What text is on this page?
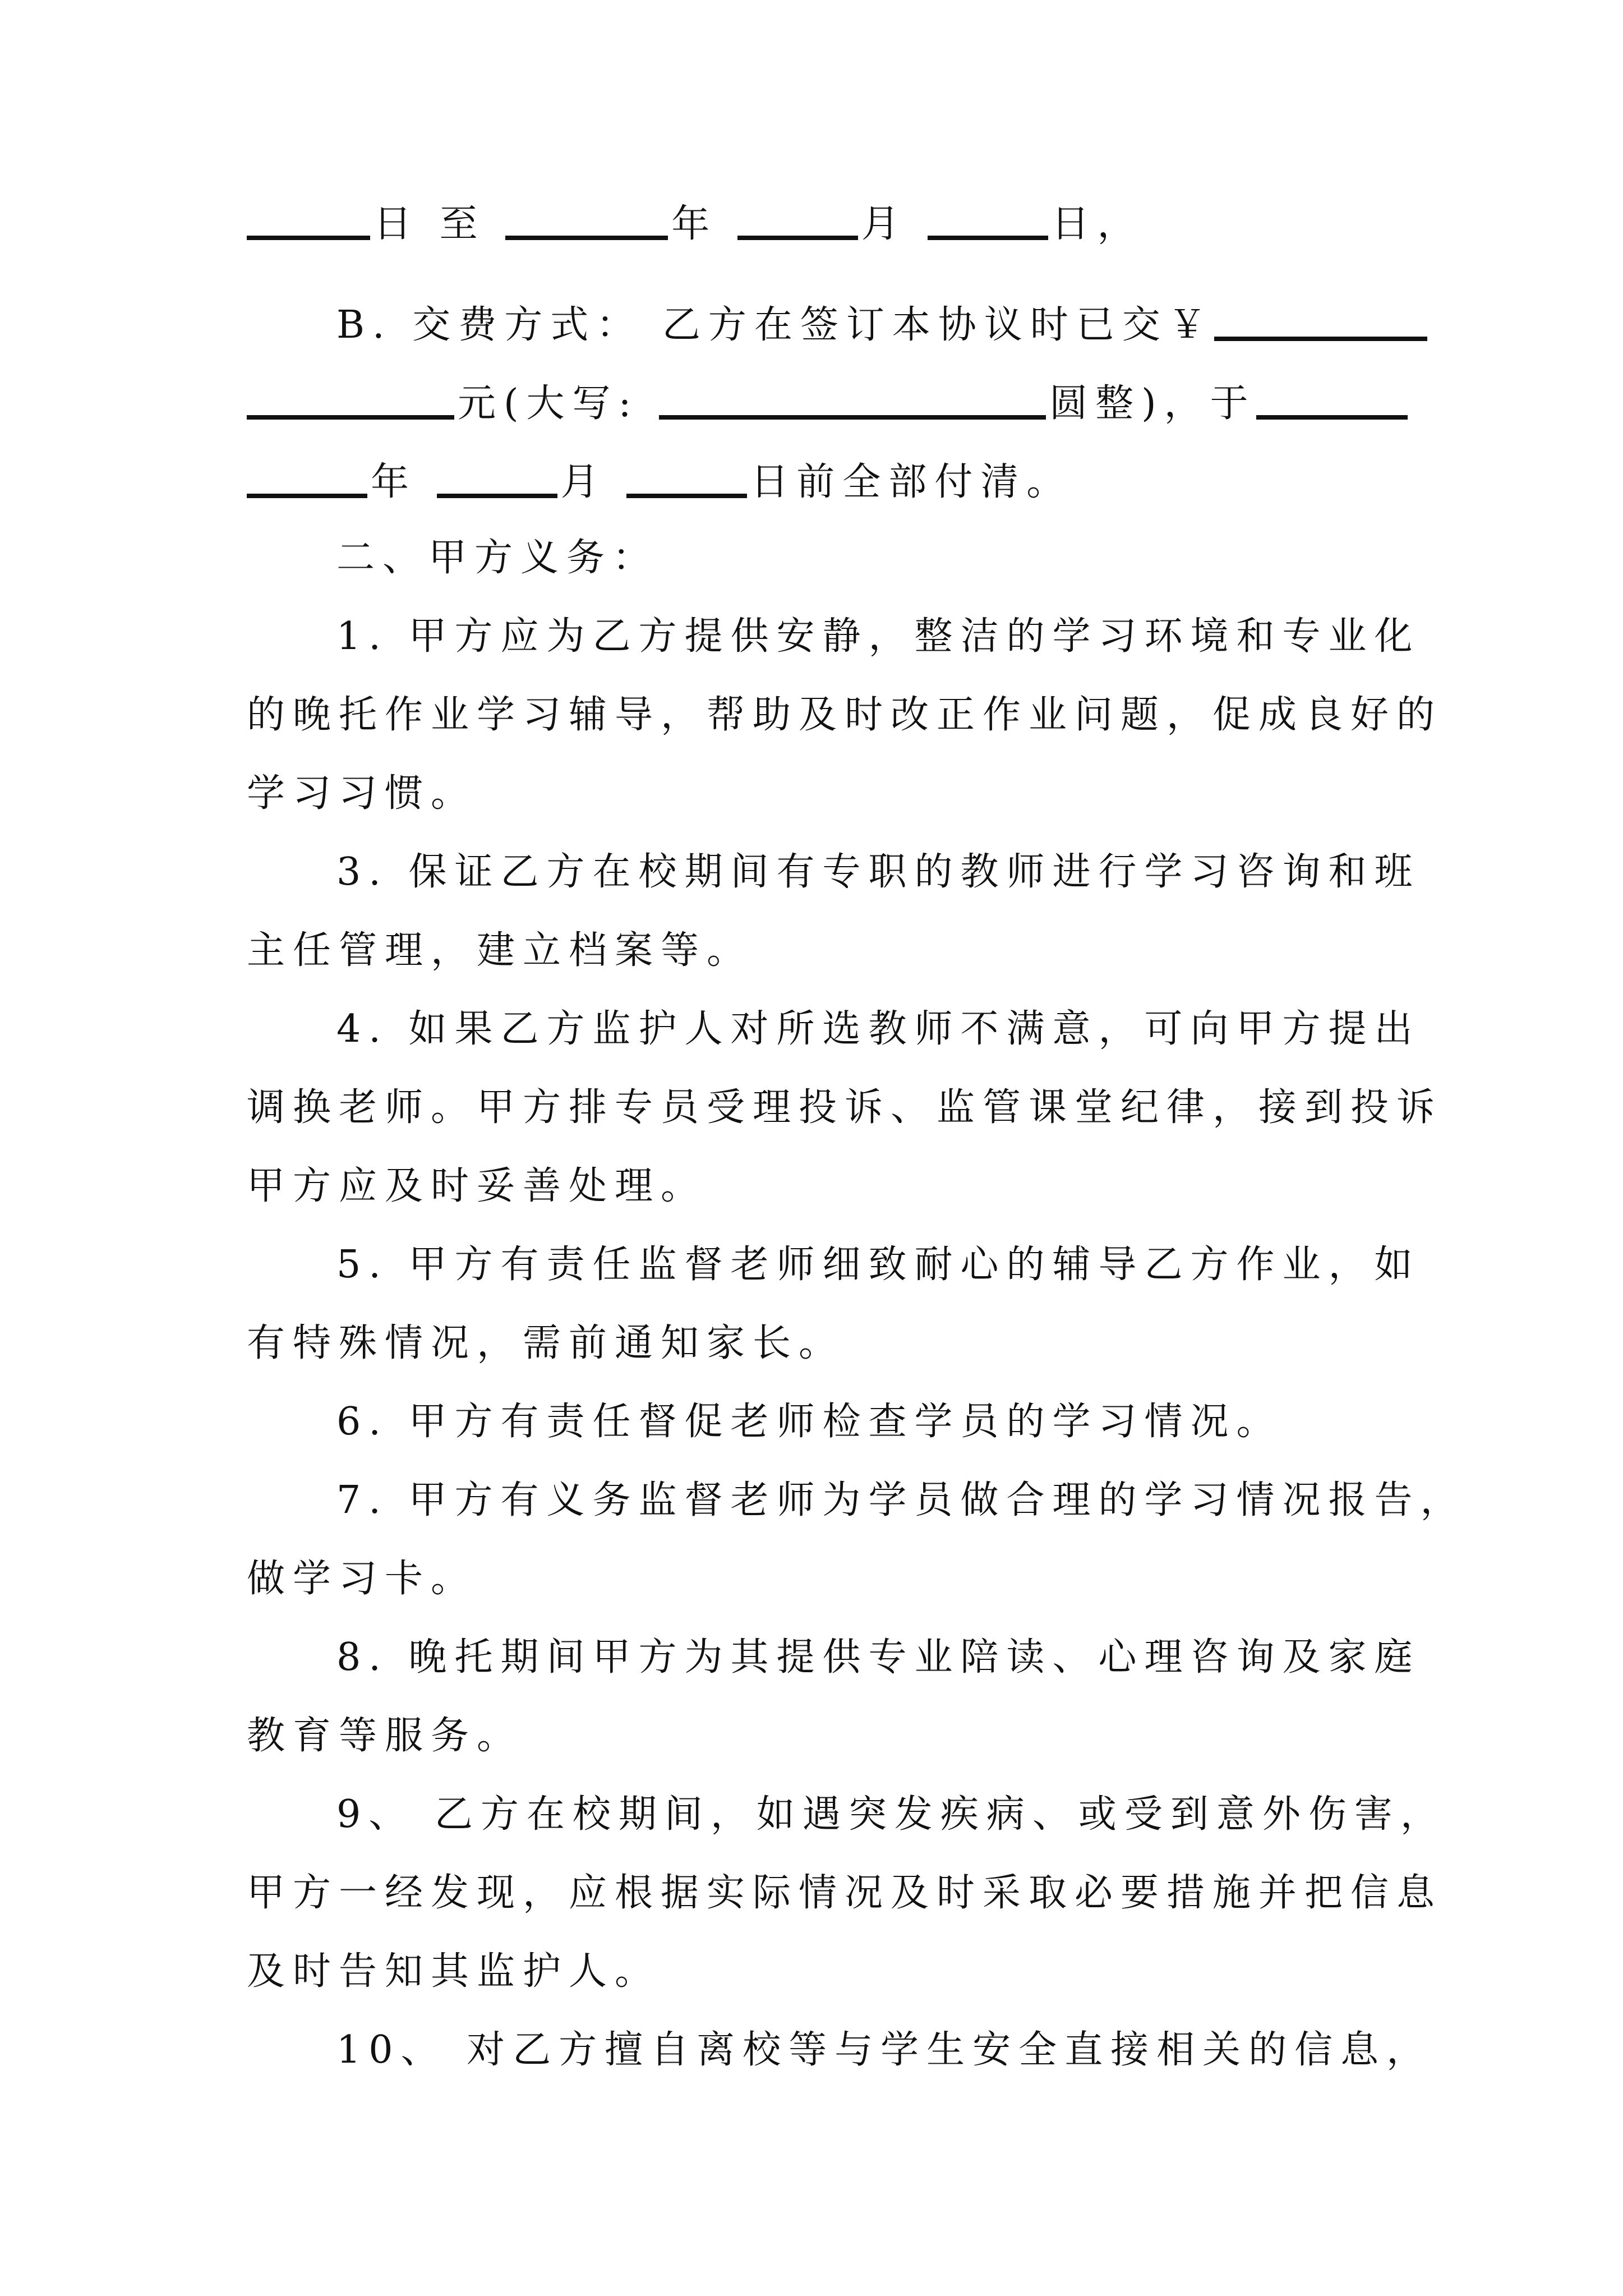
日 至	年	月	日，
B. 交费方式： 乙方在签订本协议时已交￥
元(大写:	圆整)，于
年	月	日前全部付清。
二、甲方义务：
1. 甲方应为乙方提供安静，整洁的学习环境和专业化
的晚托作业学习辅导，帮助及时改正作业问题，促成良好的
学习习惯。
3. 保证乙方在校期间有专职的教师进行学习咨询和班
主任管理，建立档案等。
4. 如果乙方监护人对所选教师不满意，可向甲方提出
调换老师。甲方排专员受理投诉、监管课堂纪律，接到投诉
甲方应及时妥善处理。
5. 甲方有责任监督老师细致耐心的辅导乙方作业，如
有特殊情况，需前通知家长。
6. 甲方有责任督促老师检查学员的学习情况。
7. 甲方有义务监督老师为学员做合理的学习情况报告，
做学习卡。
8. 晚托期间甲方为其提供专业陪读、心理咨询及家庭
教育等服务。
9、 乙方在校期间，如遇突发疾病、或受到意外伤害，
甲方一经发现，应根据实际情况及时采取必要措施并把信息
及时告知其监护人。
10、 对乙方擅自离校等与学生安全直接相关的信息，
